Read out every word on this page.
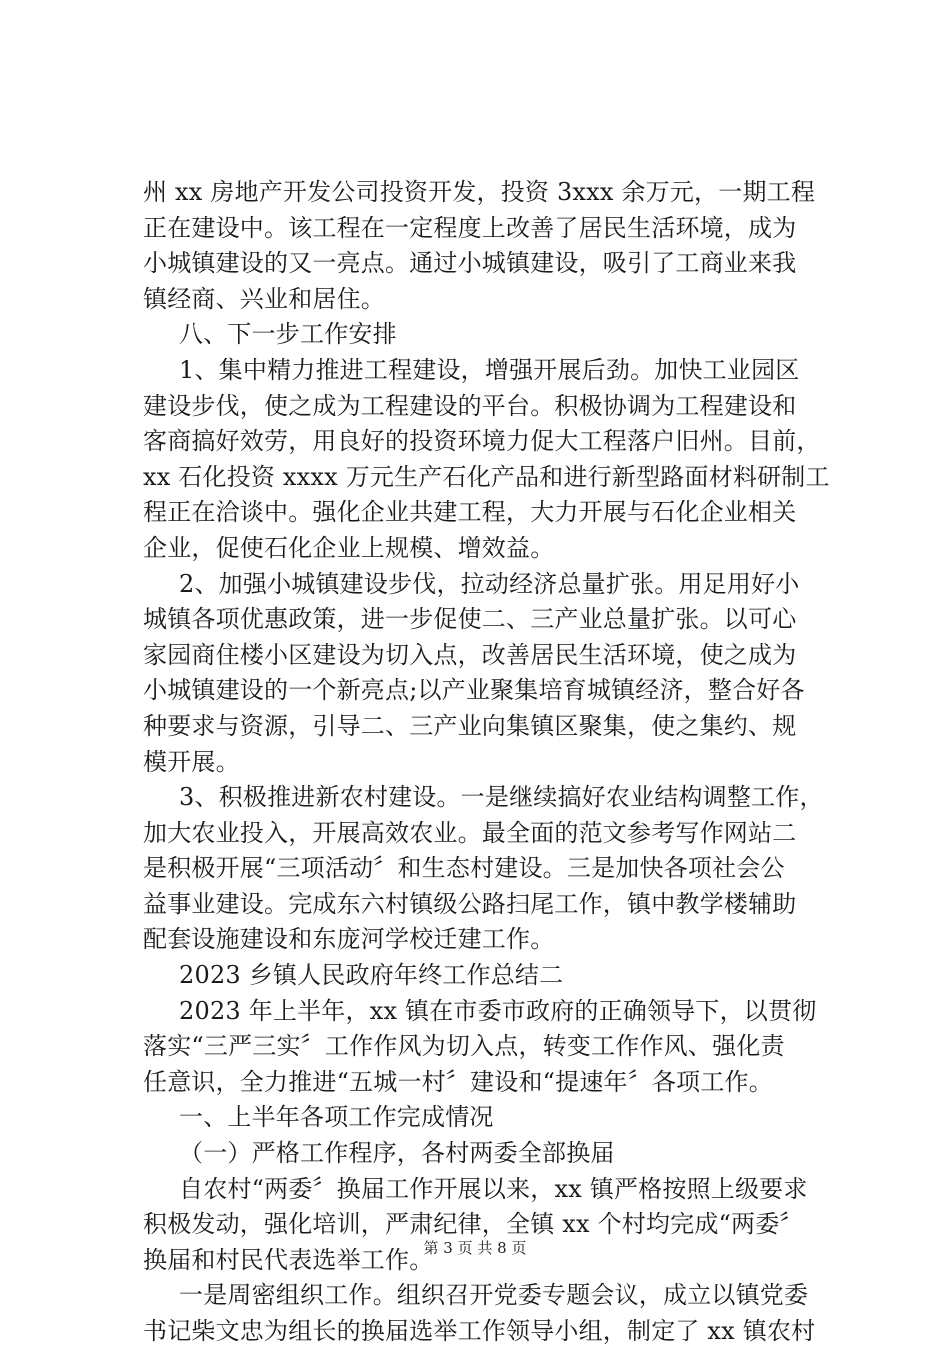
州 xx 房地产开发公司投资开发，投资 3xxx 余万元，一期工程
正在建设中。该工程在一定程度上改善了居民生活环境，成为
小城镇建设的又一亮点。通过小城镇建设，吸引了工商业来我
镇经商、兴业和居住。
八、下一步工作安排
1、集中精力推进工程建设，增强开展后劲。加快工业园区
建设步伐，使之成为工程建设的平台。积极协调为工程建设和
客商搞好效劳，用良好的投资环境力促大工程落户旧州。目前，
xx 石化投资 xxxx 万元生产石化产品和进行新型路面材料研制工
程正在洽谈中。强化企业共建工程，大力开展与石化企业相关
企业，促使石化企业上规模、增效益。
2、加强小城镇建设步伐，拉动经济总量扩张。用足用好小
城镇各项优惠政策，进一步促使二、三产业总量扩张。以可心
家园商住楼小区建设为切入点，改善居民生活环境，使之成为
小城镇建设的一个新亮点;以产业聚集培育城镇经济，整合好各
种要求与资源，引导二、三产业向集镇区聚集，使之集约、规
模开展。
3、积极推进新农村建设。一是继续搞好农业结构调整工作，
加大农业投入，开展高效农业。最全面的范文参考写作网站二
是积极开展“三项活动〞和生态村建设。三是加快各项社会公
益事业建设。完成东六村镇级公路扫尾工作，镇中教学楼辅助
配套设施建设和东庞河学校迁建工作。
2023 乡镇人民政府年终工作总结二
2023 年上半年，xx 镇在市委市政府的正确领导下，以贯彻
落实“三严三实〞工作作风为切入点，转变工作作风、强化责
任意识，全力推进“五城一村〞建设和“提速年〞各项工作。
一、上半年各项工作完成情况
（一）严格工作程序，各村两委全部换届
自农村“两委〞换届工作开展以来，xx 镇严格按照上级要求
积极发动，强化培训，严肃纪律，全镇 xx 个村均完成“两委〞
换届和村民代表选举工作。
一是周密组织工作。组织召开党委专题会议，成立以镇党委
书记柴文忠为组长的换届选举工作领导小组，制定了 xx 镇农村
第 3 页 共 8 页
